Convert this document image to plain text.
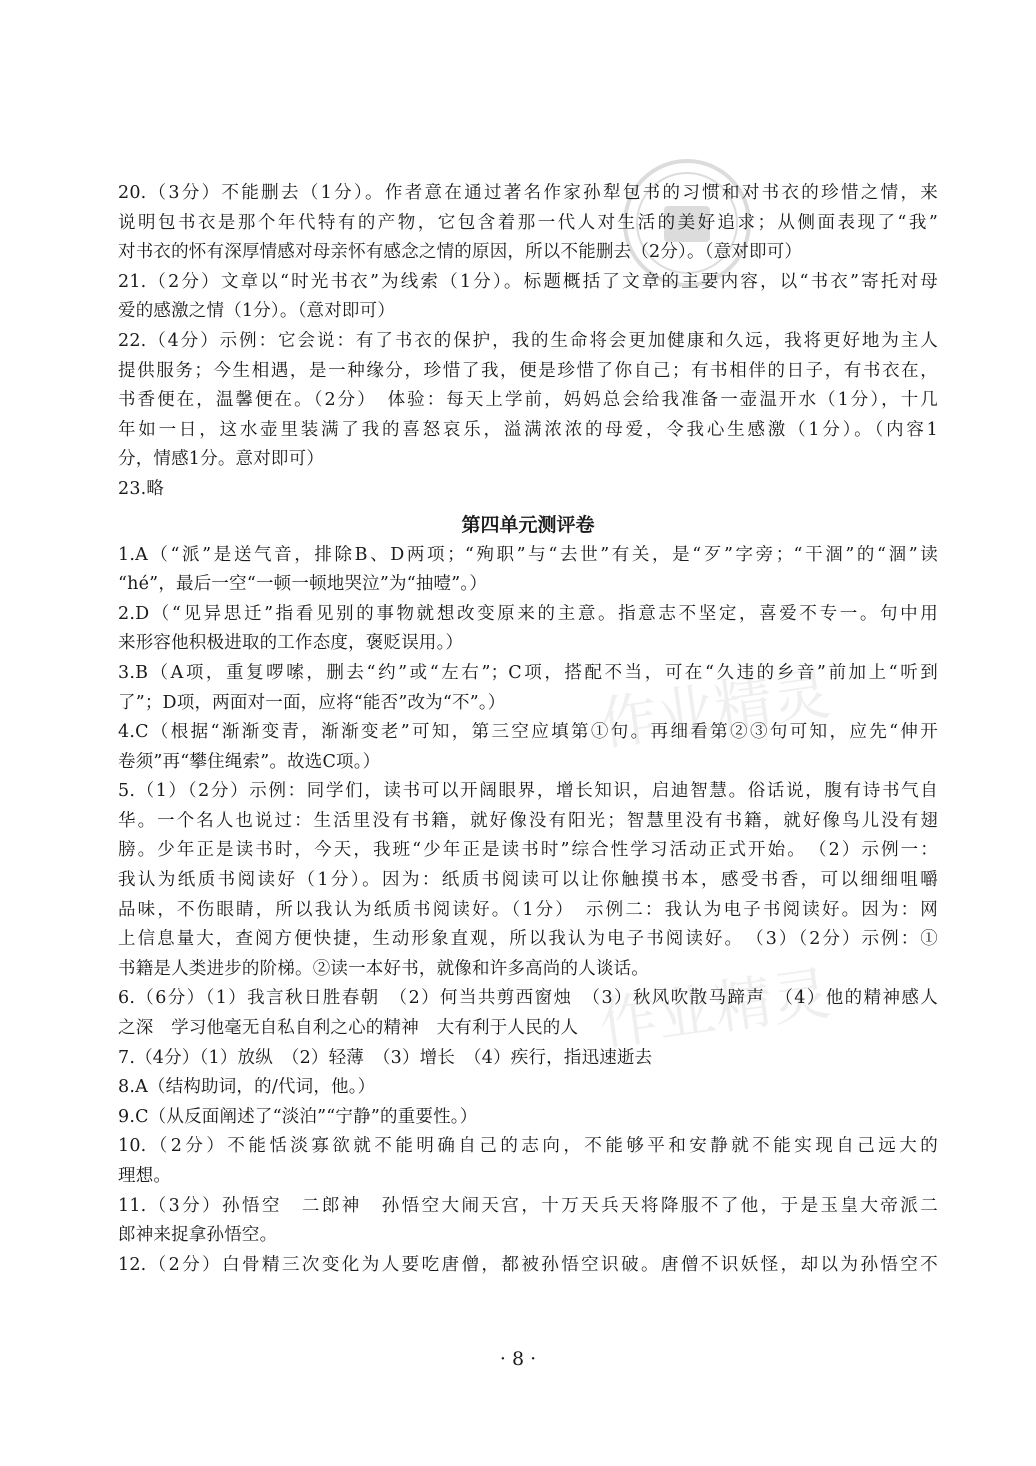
作业精灵
作业精灵
20.（3分）不能删去（1分）。作者意在通过著名作家孙犁包书的习惯和对书衣的珍惜之情，来
说明包书衣是那个年代特有的产物，它包含着那一代人对生活的美好追求；从侧面表现了“我”
对书衣的怀有深厚情感对母亲怀有感念之情的原因，所以不能删去（2分）。（意对即可）
21.（2分）文章以“时光书衣”为线索（1分）。标题概括了文章的主要内容，以“书衣”寄托对母
爱的感激之情（1分）。（意对即可）
22.（4分）示例：它会说：有了书衣的保护，我的生命将会更加健康和久远，我将更好地为主人
提供服务；今生相遇，是一种缘分，珍惜了我，便是珍惜了你自己；有书相伴的日子，有书衣在，
书香便在，温馨便在。（2分）　体验：每天上学前，妈妈总会给我准备一壶温开水（1分），十几
年如一日，这水壶里装满了我的喜怒哀乐，溢满浓浓的母爱，令我心生感激（1分）。（内容1
分，情感1分。意对即可）
23.略
第四单元测评卷
1.A（“派”是送气音，排除B、D两项；“殉职”与“去世”有关，是“歹”字旁；“干涸”的“涸”读
“hé”，最后一空“一顿一顿地哭泣”为“抽噎”。）
2.D（“见异思迁”指看见别的事物就想改变原来的主意。指意志不坚定，喜爱不专一。句中用
来形容他积极进取的工作态度，褒贬误用。）
3.B（A项，重复啰嗦，删去“约”或“左右”；C项，搭配不当，可在“久违的乡音”前加上“听到
了”；D项，两面对一面，应将“能否”改为“不”。）
4.C（根据“渐渐变青，渐渐变老”可知，第三空应填第①句。再细看第②③句可知，应先“伸开
卷须”再“攀住绳索”。故选C项。）
5.（1）（2分）示例：同学们，读书可以开阔眼界，增长知识，启迪智慧。俗话说，腹有诗书气自
华。一个名人也说过：生活里没有书籍，就好像没有阳光；智慧里没有书籍，就好像鸟儿没有翅
膀。少年正是读书时，今天，我班“少年正是读书时”综合性学习活动正式开始。　（2）示例一：
我认为纸质书阅读好（1分）。因为：纸质书阅读可以让你触摸书本，感受书香，可以细细咀嚼
品味，不伤眼睛，所以我认为纸质书阅读好。（1分）　示例二：我认为电子书阅读好。因为：网
上信息量大，查阅方便快捷，生动形象直观，所以我认为电子书阅读好。　（3）（2分）示例：①
书籍是人类进步的阶梯。②读一本好书，就像和许多高尚的人谈话。
6.（6分）（1）我言秋日胜春朝　（2）何当共剪西窗烛　（3）秋风吹散马蹄声　（4）他的精神感人
之深　学习他毫无自私自利之心的精神　大有利于人民的人
7.（4分）（1）放纵　（2）轻薄　（3）增长　（4）疾行，指迅速逝去
8.A（结构助词，的/代词，他。）
9.C（从反面阐述了“淡泊”“宁静”的重要性。）
10.（2分）不能恬淡寡欲就不能明确自己的志向，不能够平和安静就不能实现自己远大的
理想。
11.（3分）孙悟空　二郎神　孙悟空大闹天宫，十万天兵天将降服不了他，于是玉皇大帝派二
郎神来捉拿孙悟空。
12.（2分）白骨精三次变化为人要吃唐僧，都被孙悟空识破。唐僧不识妖怪，却以为孙悟空不
· 8 ·
